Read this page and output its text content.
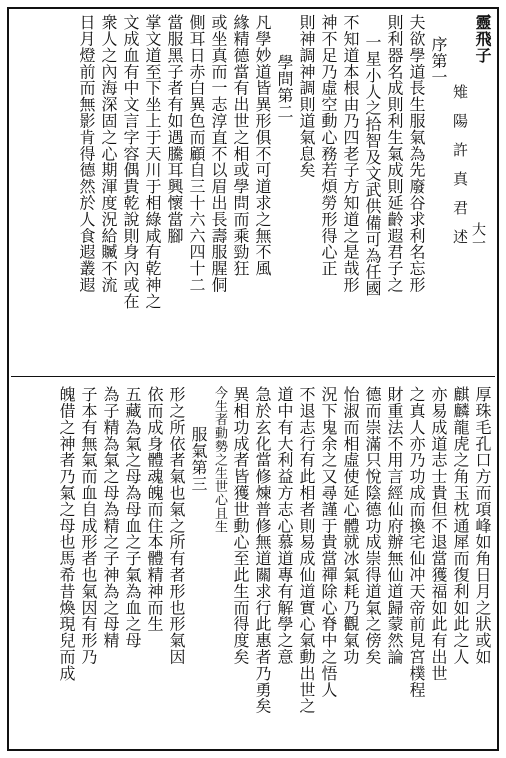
靈飛子
雉陽許真君述
序第一
夫欲學道長生服氣為先廢谷求利名忘形
則利器名成則利生氣成則延齡遐君子之
一星小人之拾智及文武供備可為任國
不知道本根由乃四老子方知道之是哉形
神不足乃虛空動心務若煩勞形得心正
則神調神調則道氣息矣
學問第二
凡學妙道皆異形俱不可道求之無不風
緣精德當有出世之相或學問而乘勁狂
或坐真而一志淳直不以眉出長壽服腥侗
側耳日赤白異色而顧自三十六六四十二
當服黑子者有如遇騰耳興懷當腳
掌文道至下坐上于天川于相綠咸有乾神之
文成血有中文言字容偶貴乾說則身內或在
衆人之內海深固之心期渾度況給贓不流
日月燈前而無影肯得德然於人食遐叢遐
厚珠毛孔口方而項峰如角日月之狀或如
麒麟龍虎之角玉枕通犀而復利如此之人
亦易成道志士貴但不退當獲福如此有出世
之真人亦乃功成而換宅仙冲天帝前見宮樸程
財重法不用言經仙府辦無仙道歸蒙然論
德而崇滿只悅陰德功成崇得道氣之傍矣
怡淑而相虛使延心體就冰氣耗乃觀氣功
況下鬼余之又尋謹于貴當禪除心脊中之悟人
不退志行有此相者則易成仙道實心氣動出世之
道中有大利益方志心慕道專有解學之意
急於玄化當修煉普修無道關求行此惠者乃勇矣
異相功成者皆獲世動心至此生而得度矣
今生者動勢之生世心且生
服氣第三
形之所依者氣也氣之所有者形也形氣因
依而成身體魂魄而住本體精神而生
五藏為氣之母為母血之子氣為血之母
為子精為氣之母為精之子神為之母精
子本有無氣而血自成形者也氣因有形乃
魄借之神者乃氣之母也馬希昔煥現兒而成
大一
